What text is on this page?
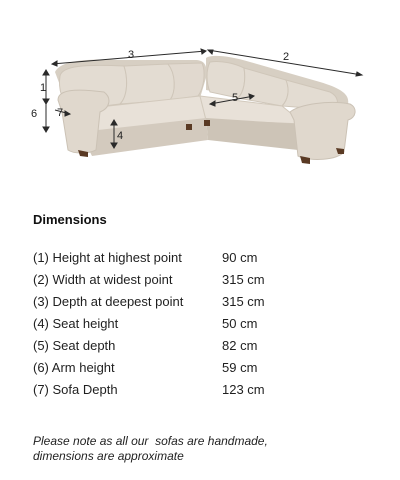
3	2
1
6 7
4
5
Dimensions
(1) Height at highest point	90 cm
(2) Width at widest point	315 cm
(3) Depth at deepest point	315 cm
(4) Seat height	50 cm
(5) Seat depth	82 cm
(6) Arm height	59 cm
(7) Sofa Depth	123 cm
Please note as all our  sofas are handmade,
dimensions are approximate
